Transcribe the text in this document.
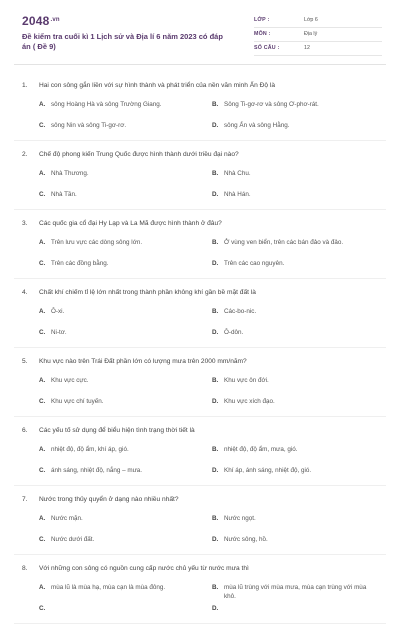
$2048^{.vn}$
Đề kiểm tra cuối kì 1 Lịch sử và Địa lí 6 năm 2023 có đáp án ( Đề 9)
LỚP :	Lớp 6
MÔN :	Địa lý
SỐ CÂU :	12
1. Hai con sông gắn liền với sự hình thành và phát triển của nền văn minh Ấn Độ là
A. sông Hoàng Hà và sông Trường Giang.	B. Sông Ti-gơ-rơ và sông Ơ-phơ-rát.
C. sông Nin và sông Ti-gơ-rơ.	D. sông Ấn và sông Hằng.
2. Chế độ phong kiến Trung Quốc được hình thành dưới triều đại nào?
A. Nhà Thương.	B. Nhà Chu.
C. Nhà Tần.	D. Nhà Hán.
3. Các quốc gia cổ đại Hy Lạp và La Mã được hình thành ở đâu?
A. Trên lưu vực các dòng sông lớn.	B. Ở vùng ven biển, trên các bán đảo và đảo.
C. Trên các đồng bằng.	D. Trên các cao nguyên.
4. Chất khí chiếm tỉ lệ lớn nhất trong thành phần không khí gần bề mặt đất là
A. Ô-xi.	B. Các-bo-nic.
C. Ni-tơ.	D. Ô-dôn.
5. Khu vực nào trên Trái Đất phần lớn có lượng mưa trên 2000 mm/năm?
A. Khu vực cực.	B. Khu vực ôn đới.
C. Khu vực chí tuyến.	D. Khu vực xích đạo.
6. Các yếu tố sử dụng để biểu hiện tình trạng thời tiết là
A. nhiệt độ, độ ẩm, khí áp, gió.	B. nhiệt độ, độ ẩm, mưa, gió.
C. ánh sáng, nhiệt độ, nắng – mưa.	D. Khí áp, ánh sáng, nhiệt độ, gió.
7. Nước trong thủy quyển ở dạng nào nhiều nhất?
A. Nước mặn.	B. Nước ngọt.
C. Nước dưới đất.	D. Nước sông, hồ.
8. Với những con sông có nguồn cung cấp nước chủ yếu từ nước mưa thì
A. mùa lũ là mùa hạ, mùa cạn là mùa đông.	B. mùa lũ trùng với mùa mưa, mùa cạn trùng với mùa khô.
C.	D.
